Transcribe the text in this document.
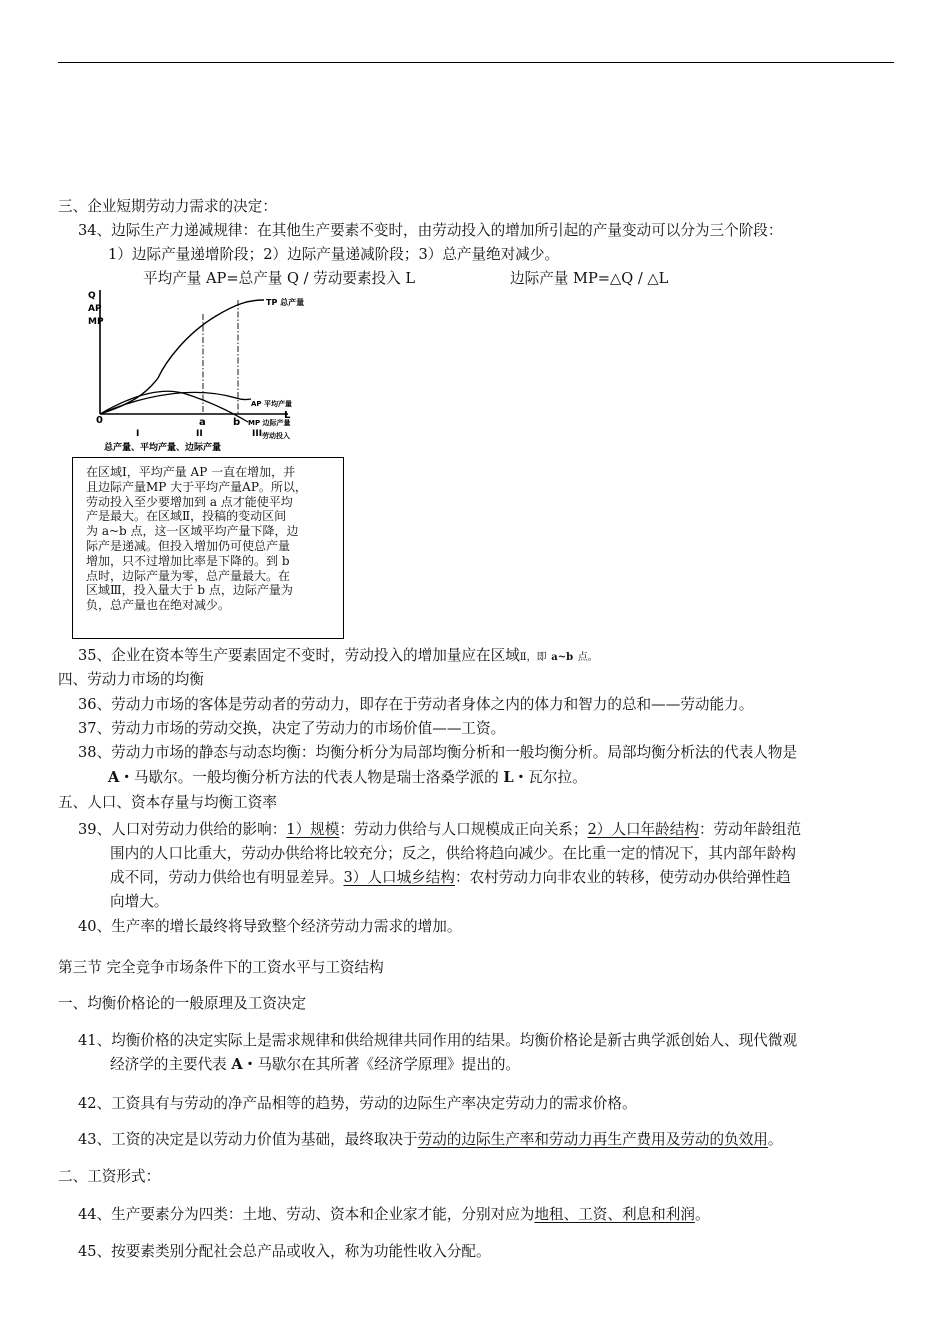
三、企业短期劳动力需求的决定：
34、边际生产力递减规律：在其他生产要素不变时，由劳动投入的增加所引起的产量变动可以分为三个阶段：
1）边际产量递增阶段；2）边际产量递减阶段；3）总产量绝对减少。
平均产量 AP=总产量 Q / 劳动要素投入 L	边际产量 MP=△Q / △L
Q
AP
MP
0	L
a	b
I	II	III
TP 总产量
AP 平均产量
MP 边际产量
劳动投入
总产量、平均产量、边际产量
在区域Ⅰ，平均产量 AP 一直在增加，并
且边际产量MP 大于平均产量AP。所以，
劳动投入至少要增加到 a 点才能使平均
产是最大。在区域Ⅱ，投稿的变动区间
为 a~b 点，这一区域平均产量下降，边
际产是递减。但投入增加仍可使总产量
增加，只不过增加比率是下降的。到 b
点时，边际产量为零，总产量最大。在
区域Ⅲ，投入量大于 b 点，边际产量为
负，总产量也在绝对减少。
35、企业在资本等生产要素固定不变时，劳动投入的增加量应在区域Ⅱ，即 a~b 点。
四、劳动力市场的均衡
36、劳动力市场的客体是劳动者的劳动力，即存在于劳动者身体之内的体力和智力的总和——劳动能力。
37、劳动力市场的劳动交换，决定了劳动力的市场价值——工资。
38、劳动力市场的静态与动态均衡：均衡分析分为局部均衡分析和一般均衡分析。局部均衡分析法的代表人物是
A・马歇尔。一般均衡分析方法的代表人物是瑞士洛桑学派的 L・瓦尔拉。
五、人口、资本存量与均衡工资率
39、人口对劳动力供给的影响：1）规模：劳动力供给与人口规模成正向关系；2）人口年龄结构：劳动年龄组范
围内的人口比重大，劳动办供给将比较充分；反之，供给将趋向减少。在比重一定的情况下，其内部年龄构
成不同，劳动力供给也有明显差异。3）人口城乡结构：农村劳动力向非农业的转移，使劳动办供给弹性趋
向增大。
40、生产率的增长最终将导致整个经济劳动力需求的增加。
第三节 完全竞争市场条件下的工资水平与工资结构
一、均衡价格论的一般原理及工资决定
41、均衡价格的决定实际上是需求规律和供给规律共同作用的结果。均衡价格论是新古典学派创始人、现代微观
经济学的主要代表 A・马歇尔在其所著《经济学原理》提出的。
42、工资具有与劳动的净产品相等的趋势，劳动的边际生产率决定劳动力的需求价格。
43、工资的决定是以劳动力价值为基础，最终取决于劳动的边际生产率和劳动力再生产费用及劳动的负效用。
二、工资形式：
44、生产要素分为四类：土地、劳动、资本和企业家才能，分别对应为地租、工资、利息和利润。
45、按要素类别分配社会总产品或收入，称为功能性收入分配。
